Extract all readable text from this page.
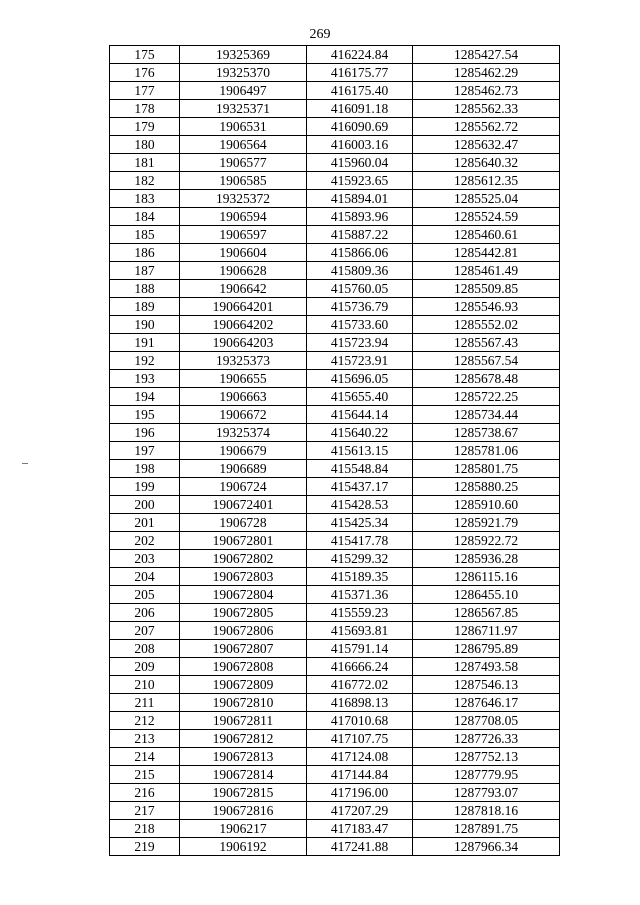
269
175	19325369	416224.84	1285427.54
176	19325370	416175.77	1285462.29
177	1906497	416175.40	1285462.73
178	19325371	416091.18	1285562.33
179	1906531	416090.69	1285562.72
180	1906564	416003.16	1285632.47
181	1906577	415960.04	1285640.32
182	1906585	415923.65	1285612.35
183	19325372	415894.01	1285525.04
184	1906594	415893.96	1285524.59
185	1906597	415887.22	1285460.61
186	1906604	415866.06	1285442.81
187	1906628	415809.36	1285461.49
188	1906642	415760.05	1285509.85
189	190664201	415736.79	1285546.93
190	190664202	415733.60	1285552.02
191	190664203	415723.94	1285567.43
192	19325373	415723.91	1285567.54
193	1906655	415696.05	1285678.48
194	1906663	415655.40	1285722.25
195	1906672	415644.14	1285734.44
196	19325374	415640.22	1285738.67
197	1906679	415613.15	1285781.06
198	1906689	415548.84	1285801.75
199	1906724	415437.17	1285880.25
200	190672401	415428.53	1285910.60
201	1906728	415425.34	1285921.79
202	190672801	415417.78	1285922.72
203	190672802	415299.32	1285936.28
204	190672803	415189.35	1286115.16
205	190672804	415371.36	1286455.10
206	190672805	415559.23	1286567.85
207	190672806	415693.81	1286711.97
208	190672807	415791.14	1286795.89
209	190672808	416666.24	1287493.58
210	190672809	416772.02	1287546.13
211	190672810	416898.13	1287646.17
212	190672811	417010.68	1287708.05
213	190672812	417107.75	1287726.33
214	190672813	417124.08	1287752.13
215	190672814	417144.84	1287779.95
216	190672815	417196.00	1287793.07
217	190672816	417207.29	1287818.16
218	1906217	417183.47	1287891.75
219	1906192	417241.88	1287966.34
